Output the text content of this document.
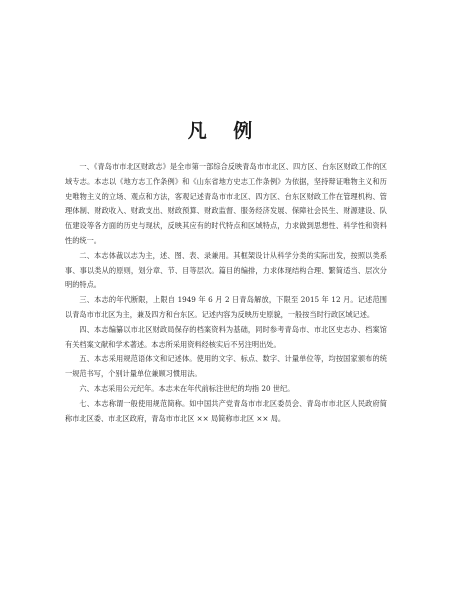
凡 例

一、《青岛市市北区财政志》是全市第一部综合反映青岛市市北区、四方区、台东区财政工作的区域专志。本志以《地方志工作条例》和《山东省地方史志工作条例》为依据，坚持辩证唯物主义和历史唯物主义的立场、观点和方法，客观记述青岛市市北区、四方区、台东区财政工作在管理机构、管理体制、财政收入、财政支出、财政预算、财政监督、服务经济发展、保障社会民生、财源建设、队伍建设等各方面的历史与现状，反映其应有的时代特点和区域特点，力求做到思想性、科学性和资料性的统一。

二、本志体裁以志为主，述、图、表、录兼用。其框架设计从科学分类的实际出发，按照以类系事、事以类从的原则，划分章、节、目等层次。篇目的编排，力求体现结构合理、繁简适当、层次分明的特点。

三、本志的年代断限，上限自 1949 年 6 月 2 日青岛解放，下限至 2015 年 12 月。记述范围以青岛市市北区为主，兼及四方和台东区。记述内容为反映历史原貌，一般按当时行政区域记述。

四、本志编纂以市北区财政局保存的档案资料为基础，同时参考青岛市、市北区史志办、档案馆有关档案文献和学术著述。本志所采用资料经核实后不另注明出处。

五、本志采用规范语体文和记述体。使用的文字、标点、数字、计量单位等，均按国家颁布的统一规范书写，个别计量单位兼顾习惯用法。

六、本志采用公元纪年。本志未在年代前标注世纪的均指 20 世纪。

七、本志称谓一般使用规范简称。如中国共产党青岛市市北区委员会、青岛市市北区人民政府简称市北区委、市北区政府，青岛市市北区 ×× 局简称市北区 ×× 局。
